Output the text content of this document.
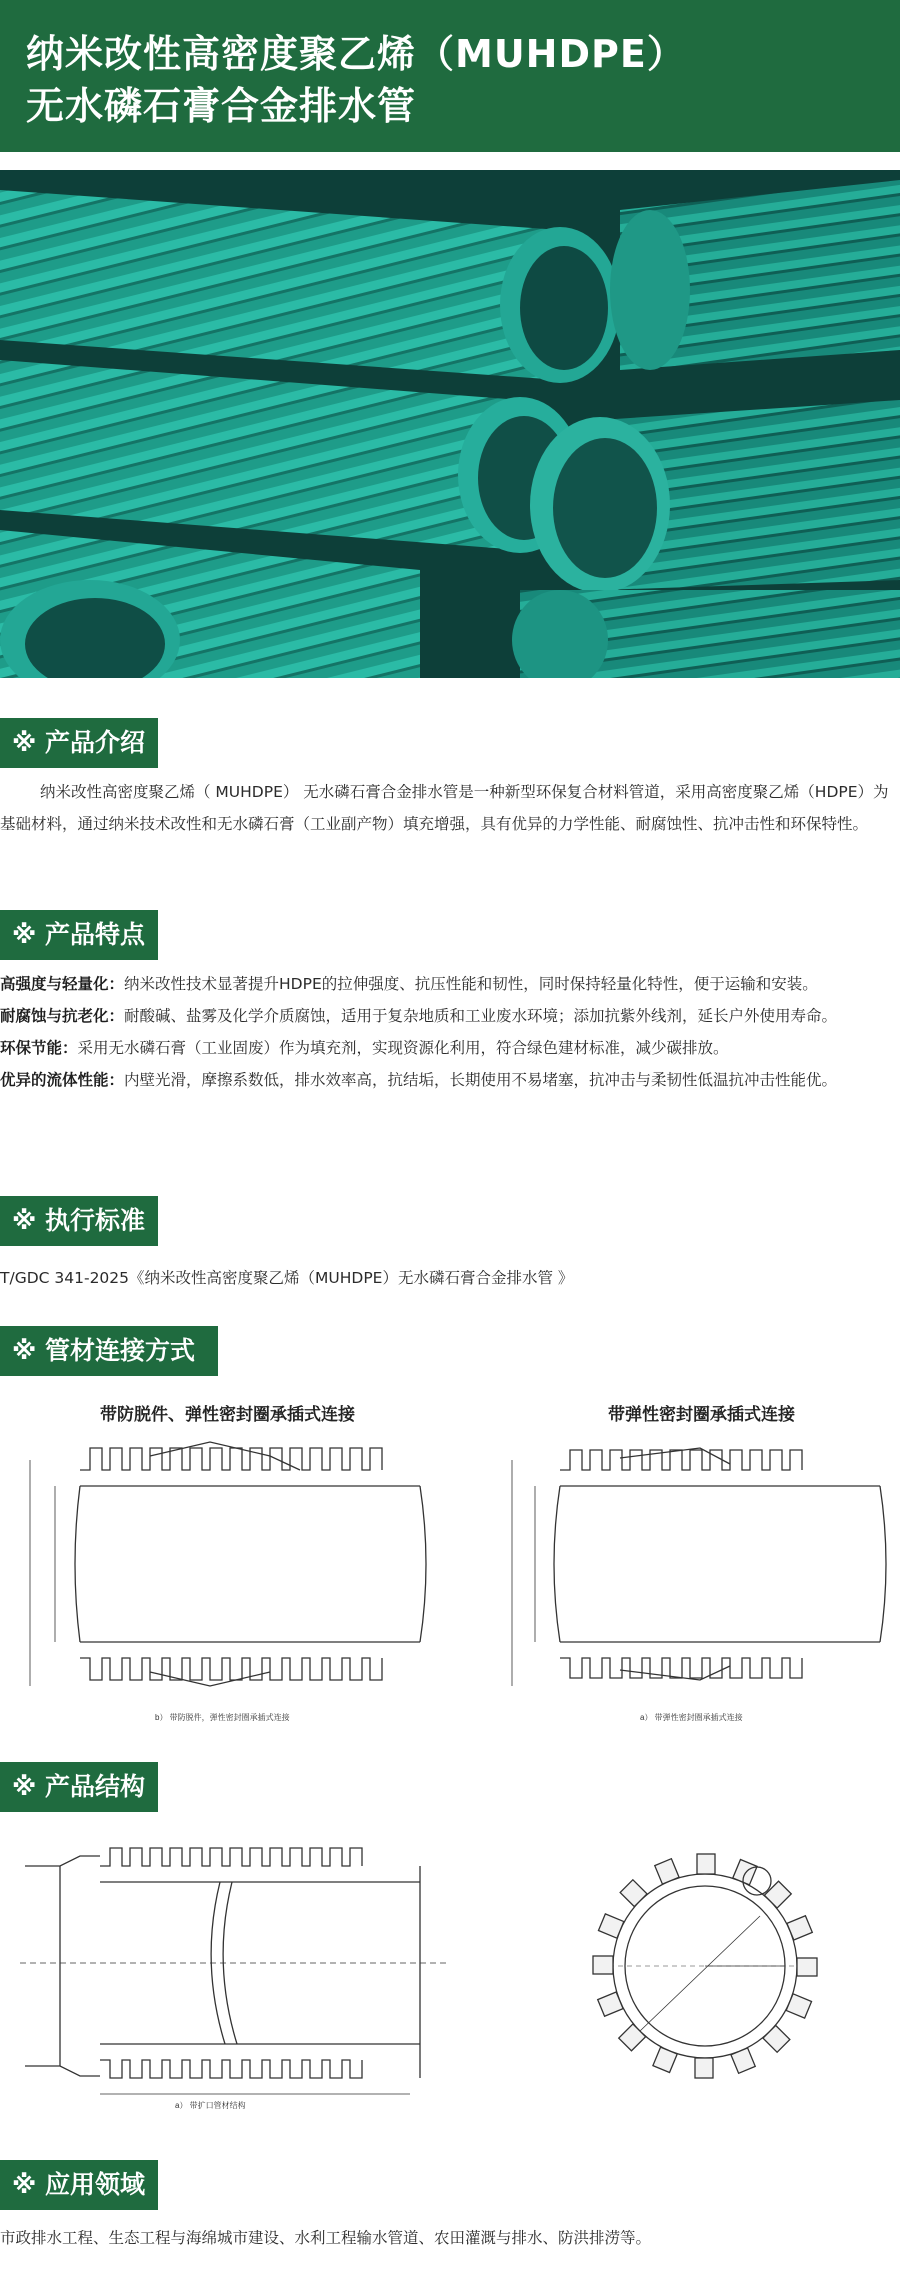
纳米改性高密度聚乙烯（MUHDPE）
无水磷石膏合金排水管
※ 产品介绍

纳米改性高密度聚乙烯（ MUHDPE） 无水磷石膏合金排水管是一种新型环保复合材料管道，采用高密度聚乙烯（HDPE）为基础材料，通过纳米技术改性和无水磷石膏（工业副产物）填充增强，具有优异的力学性能、耐腐蚀性、抗冲击性和环保特性。

※ 产品特点

高强度与轻量化：纳米改性技术显著提升HDPE的拉伸强度、抗压性能和韧性，同时保持轻量化特性，便于运输和安装。

耐腐蚀与抗老化：耐酸碱、盐雾及化学介质腐蚀，适用于复杂地质和工业废水环境；添加抗紫外线剂，延长户外使用寿命。

环保节能：采用无水磷石膏（工业固废）作为填充剂，实现资源化利用，符合绿色建材标准，减少碳排放。

优异的流体性能：内壁光滑，摩擦系数低，排水效率高，抗结垢，长期使用不易堵塞，抗冲击与柔韧性低温抗冲击性能优。

※ 执行标准

T/GDC 341-2025《纳米改性高密度聚乙烯（MUHDPE）无水磷石膏合金排水管 》

※ 管材连接方式
带防脱件、弹性密封圈承插式连接
b） 带防脱件，弹性密封圈承插式连接
带弹性密封圈承插式连接
a） 带弹性密封圈承插式连接
※ 产品结构
a） 带扩口管材结构
※ 应用领域

市政排水工程、生态工程与海绵城市建设、水利工程输水管道、农田灌溉与排水、防洪排涝等。
